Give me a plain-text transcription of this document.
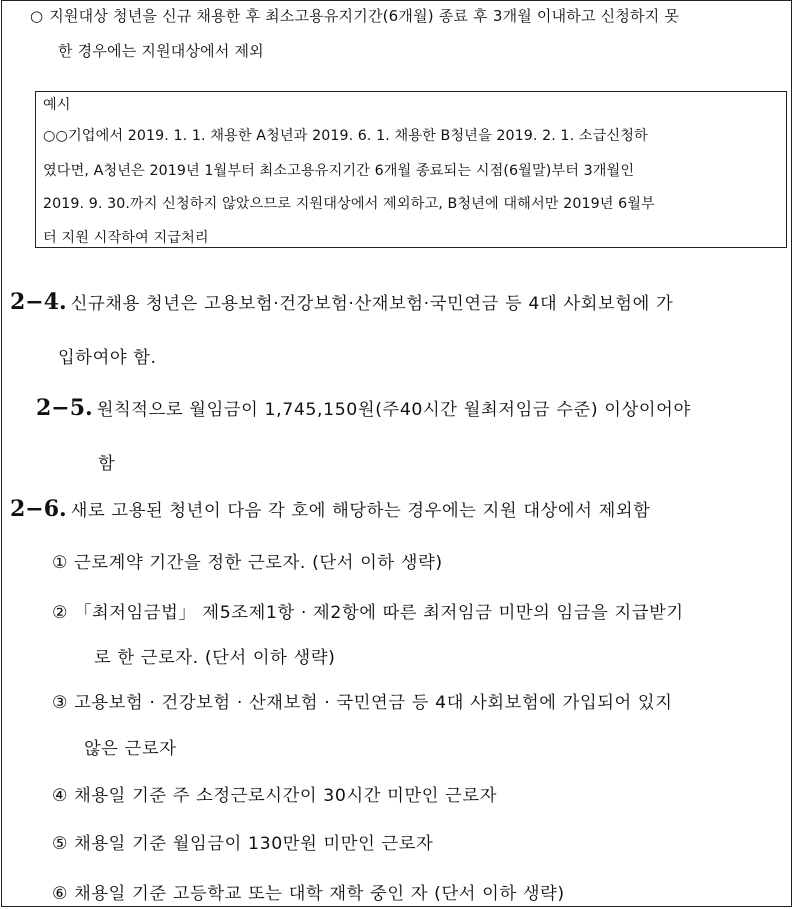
○ 지원대상 청년을 신규 채용한 후 최소고용유지기간(6개월) 종료 후 3개월 이내하고 신청하지 못
한 경우에는 지원대상에서 제외
예시
○○기업에서 2019. 1. 1. 채용한 A청년과 2019. 6. 1. 채용한 B청년을 2019. 2. 1. 소급신청하
였다면, A청년은 2019년 1월부터 최소고용유지기간 6개월 종료되는 시점(6월말)부터 3개월인
2019. 9. 30.까지 신청하지 않았으므로 지원대상에서 제외하고, B청년에 대해서만 2019년 6월부
터 지원 시작하여 지급처리
2−4. 신규채용 청년은 고용보험·건강보험·산재보험·국민연금 등 4대 사회보험에 가
입하여야 함.
2−5. 원칙적으로 월임금이 1,745,150원(주40시간 월최저임금 수준) 이상이어야
함
2−6. 새로 고용된 청년이 다음 각 호에 해당하는 경우에는 지원 대상에서 제외함
① 근로계약 기간을 정한 근로자. (단서 이하 생략)
② 「최저임금법」 제5조제1항 · 제2항에 따른 최저임금 미만의 임금을 지급받기
로 한 근로자. (단서 이하 생략)
③ 고용보험 · 건강보험 · 산재보험 · 국민연금 등 4대 사회보험에 가입되어 있지
않은 근로자
④ 채용일 기준 주 소정근로시간이 30시간 미만인 근로자
⑤ 채용일 기준 월임금이 130만원 미만인 근로자
⑥ 채용일 기준 고등학교 또는 대학 재학 중인 자 (단서 이하 생략)
